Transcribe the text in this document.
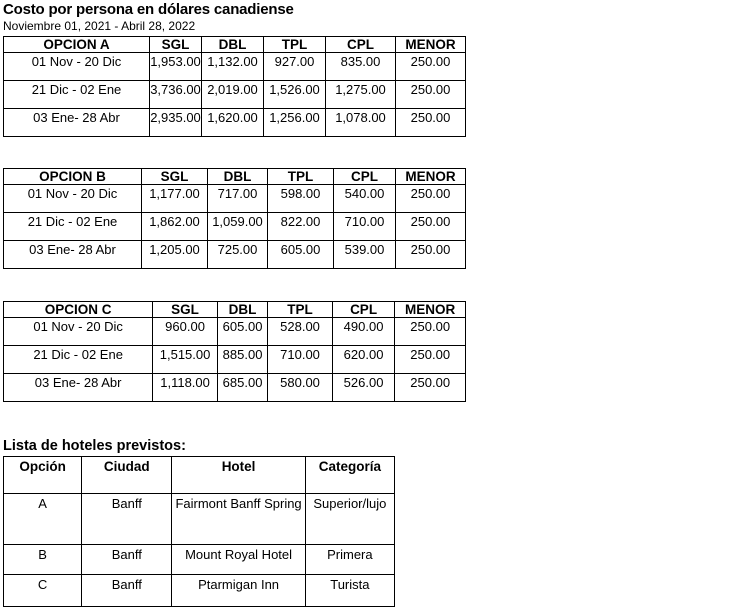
Costo por persona en dólares canadiense
Noviembre 01, 2021 - Abril 28, 2022
OPCION A	SGL	DBL	TPL	CPL	MENOR
01 Nov - 20 Dic	1,953.00	1,132.00	927.00	835.00	250.00
21 Dic - 02 Ene	3,736.00	2,019.00	1,526.00	1,275.00	250.00
03 Ene- 28 Abr	2,935.00	1,620.00	1,256.00	1,078.00	250.00
OPCION B	SGL	DBL	TPL	CPL	MENOR
01 Nov - 20 Dic	1,177.00	717.00	598.00	540.00	250.00
21 Dic - 02 Ene	1,862.00	1,059.00	822.00	710.00	250.00
03 Ene- 28 Abr	1,205.00	725.00	605.00	539.00	250.00
OPCION C	SGL	DBL	TPL	CPL	MENOR
01 Nov - 20 Dic	960.00	605.00	528.00	490.00	250.00
21 Dic - 02 Ene	1,515.00	885.00	710.00	620.00	250.00
03 Ene- 28 Abr	1,118.00	685.00	580.00	526.00	250.00
Lista de hoteles previstos:
Opción	Ciudad	Hotel	Categoría
A	Banff	Fairmont Banff Spring	Superior/lujo
B	Banff	Mount Royal Hotel	Primera
C	Banff	Ptarmigan Inn	Turista
